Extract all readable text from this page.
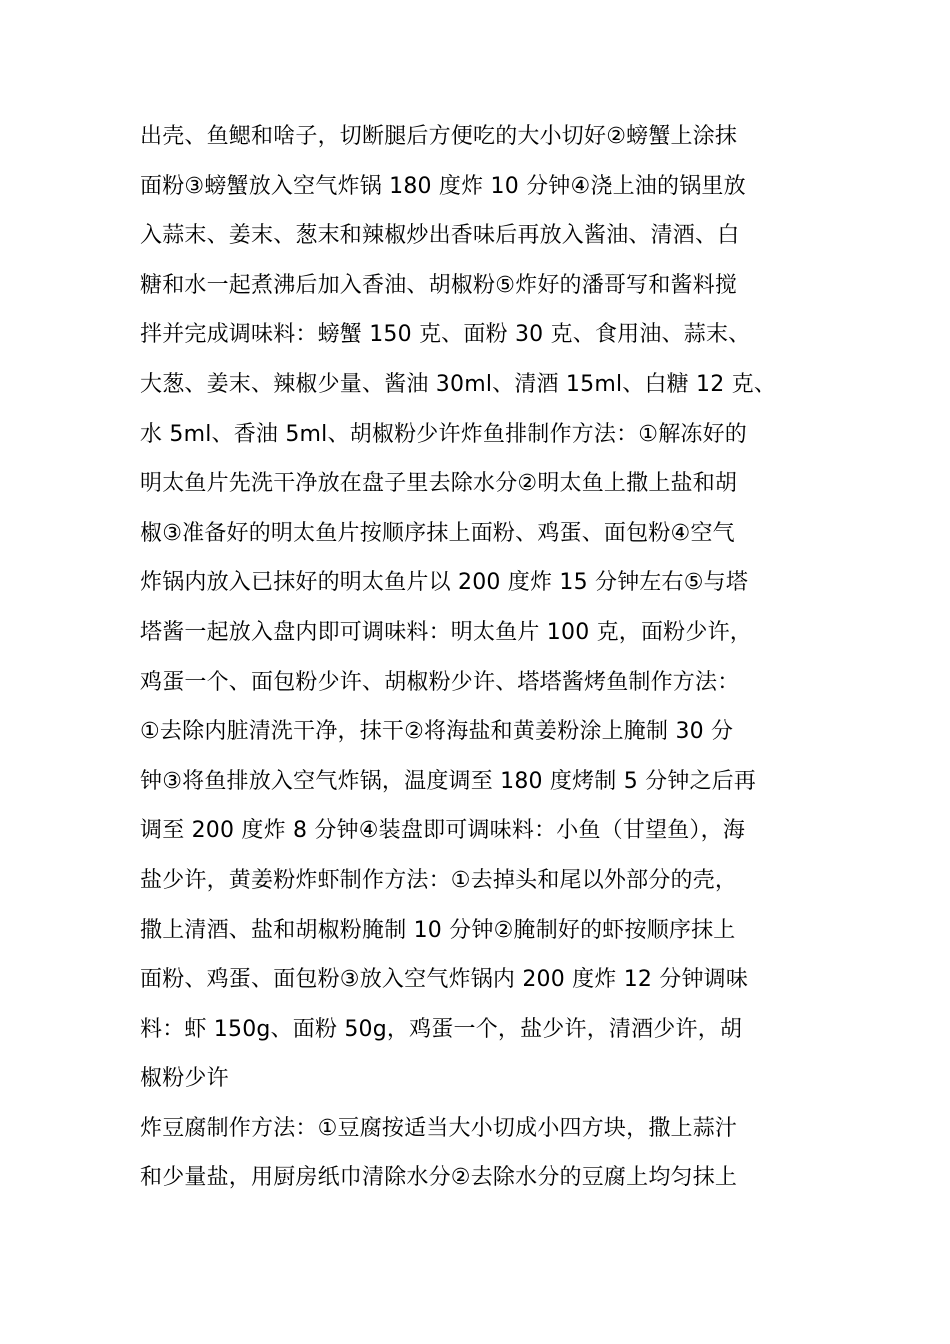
出壳、鱼鳃和啥子，切断腿后方便吃的大小切好②螃蟹上涂抹
面粉③螃蟹放入空气炸锅 180 度炸 10 分钟④浇上油的锅里放
入蒜末、姜末、葱末和辣椒炒出香味后再放入酱油、清酒、白
糖和水一起煮沸后加入香油、胡椒粉⑤炸好的潘哥写和酱料搅
拌并完成调味料：螃蟹 150 克、面粉 30 克、食用油、蒜末、
大葱、姜末、辣椒少量、酱油 30ml、清酒 15ml、白糖 12 克、
水 5ml、香油 5ml、胡椒粉少许炸鱼排制作方法：①解冻好的
明太鱼片先洗干净放在盘子里去除水分②明太鱼上撒上盐和胡
椒③准备好的明太鱼片按顺序抹上面粉、鸡蛋、面包粉④空气
炸锅内放入已抹好的明太鱼片以 200 度炸 15 分钟左右⑤与塔
塔酱一起放入盘内即可调味料：明太鱼片 100 克，面粉少许，
鸡蛋一个、面包粉少许、胡椒粉少许、塔塔酱烤鱼制作方法：
①去除内脏清洗干净，抹干②将海盐和黄姜粉涂上腌制 30 分
钟③将鱼排放入空气炸锅，温度调至 180 度烤制 5 分钟之后再
调至 200 度炸 8 分钟④装盘即可调味料：小鱼（甘望鱼），海
盐少许，黄姜粉炸虾制作方法：①去掉头和尾以外部分的壳，
撒上清酒、盐和胡椒粉腌制 10 分钟②腌制好的虾按顺序抹上
面粉、鸡蛋、面包粉③放入空气炸锅内 200 度炸 12 分钟调味
料：虾 150g、面粉 50g，鸡蛋一个，盐少许，清酒少许，胡
椒粉少许
炸豆腐制作方法：①豆腐按适当大小切成小四方块，撒上蒜汁
和少量盐，用厨房纸巾清除水分②去除水分的豆腐上均匀抹上
